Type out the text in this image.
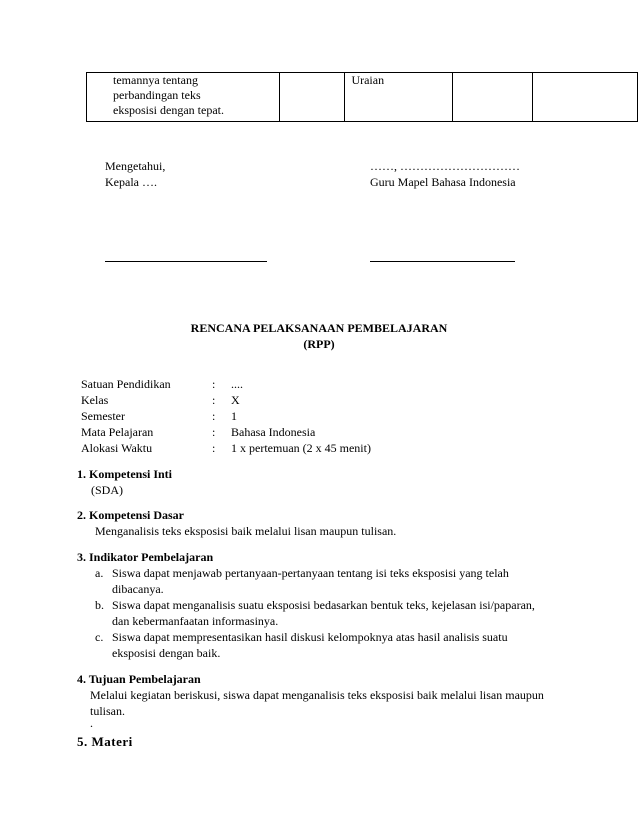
temannya tentang
perbandingan teks
eksposisi dengan tepat.

Uraian

Mengetahui,
Kepala ….
……, …………………………
Guru Mapel Bahasa Indonesia
RENCANA PELAKSANAAN PEMBELAJARAN
(RPP)
Satuan Pendidikan	: ....
Kelas	: X
Semester	: 1
Mata Pelajaran	: Bahasa Indonesia
Alokasi Waktu	: 1 x pertemuan (2 x 45 menit)
1. Kompetensi Inti
(SDA)
2. Kompetensi Dasar
Menganalisis teks eksposisi baik melalui lisan maupun tulisan.
3. Indikator Pembelajaran
a. Siswa dapat menjawab pertanyaan-pertanyaan tentang isi teks eksposisi yang telah
dibacanya.
b. Siswa dapat menganalisis suatu eksposisi bedasarkan bentuk teks, kejelasan isi/paparan,
dan kebermanfaatan informasinya.
c. Siswa dapat mempresentasikan hasil diskusi kelompoknya atas hasil analisis suatu
eksposisi dengan baik.
4. Tujuan Pembelajaran
Melalui kegiatan beriskusi, siswa dapat menganalisis teks eksposisi baik melalui lisan maupun
tulisan.
.
5. Materi
